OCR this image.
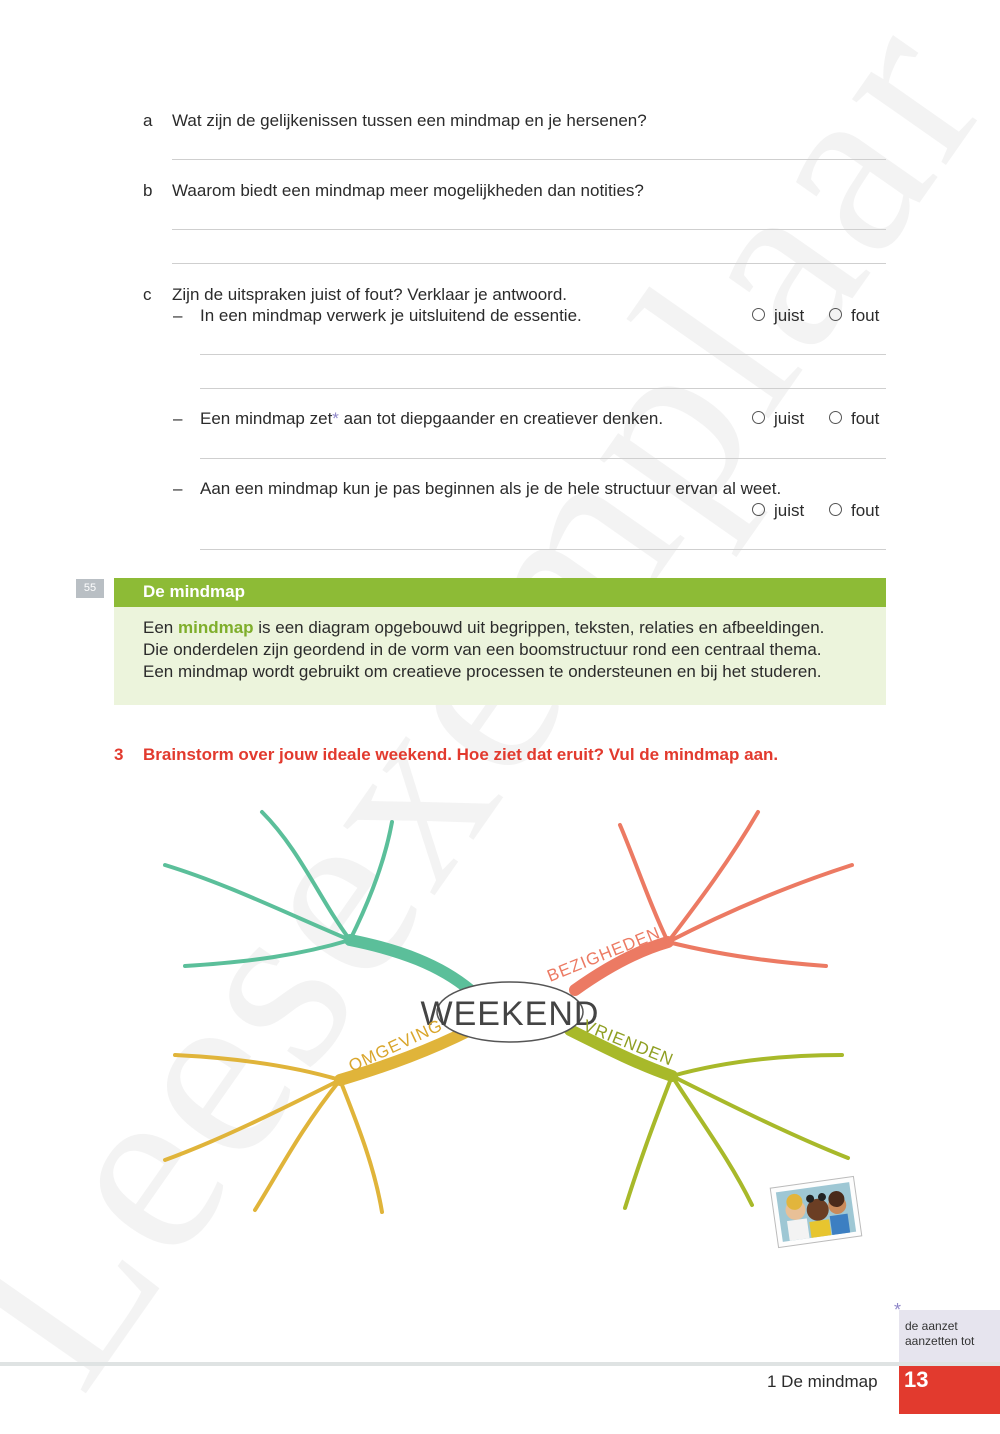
a Wat zijn de gelijkenissen tussen een mindmap en je hersenen?
b Waarom biedt een mindmap meer mogelijkheden dan notities?
c Zijn de uitspraken juist of fout? Verklaar je antwoord.
– In een mindmap verwerk je uitsluitend de essentie.	juist	fout
– Een mindmap zet* aan tot diepgaander en creatiever denken.	juist	fout
– Aan een mindmap kun je pas beginnen als je de hele structuur ervan al weet.
juist	fout
55	De mindmap
Een mindmap is een diagram opgebouwd uit begrippen, teksten, relaties en afbeeldingen.
Die onderdelen zijn geordend in de vorm van een boomstructuur rond een centraal thema.
Een mindmap wordt gebruikt om creatieve processen te ondersteunen en bij het studeren.
3 Brainstorm over jouw ideale weekend. Hoe ziet dat eruit? Vul de mindmap aan.
WEEKEND
BEZIGHEDEN
OMGEVING	VRIENDEN
*
de aanzet
aanzetten tot
1 De mindmap 13
